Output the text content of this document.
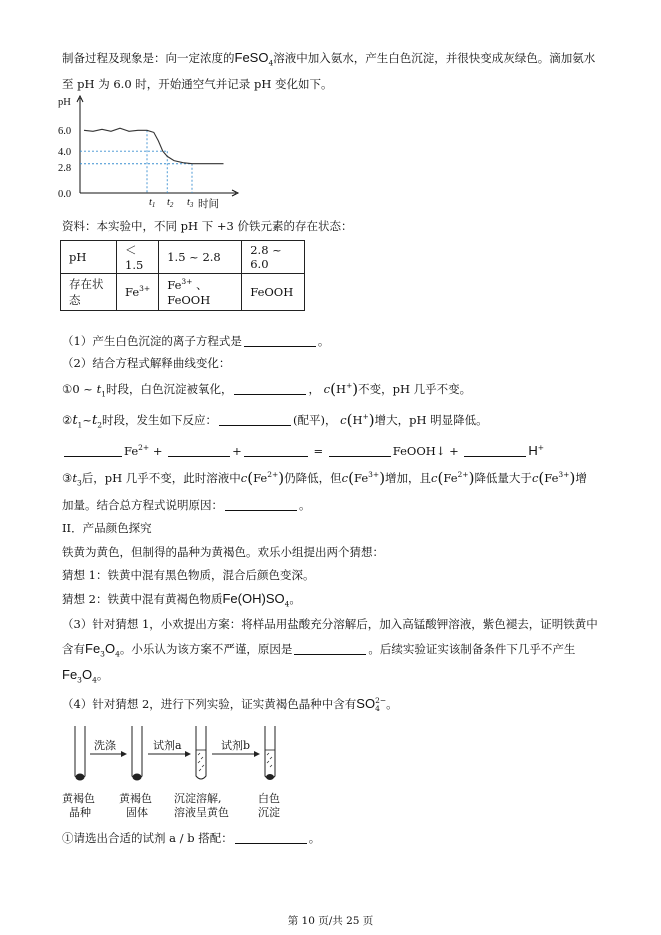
制备过程及现象是：向一定浓度的FeSO$_4$溶液中加入氨水，产生白色沉淀，并很快变成灰绿色。滴加氨水
至 pH 为 6.0 时，开始通空气并记录 pH 变化如下。
pH
6.0
4.0
2.8
0.0
时间
t1 t2 t3
资料：本实验中，不同 pH 下 +3 价铁元素的存在状态：
pH	＜1.5	1.5 ~ 2.8	2.8 ~ 6.0
存在状态	$Fe^{3+}$	$Fe^{3+}$ 、FeOOH	FeOOH
（1）产生白色沉淀的离子方程式是	。
（2）结合方程式解释曲线变化：
①0 ~ $t_1$时段，白色沉淀被氧化，	， c(H+)不变，pH 几乎不变。
$②t_1\sim t_2$时段，发生如下反应：	(配平)， c(H+)增大，pH 明显降低。
$Fe^{2+}$ +	+	=	FeOOH↓ +	H+
$③t_3$后，pH 几乎不变，此时溶液中$c(Fe^{2+})$仍降低，但$c(Fe^{3+})$增加，且$c(Fe^{2+})$降低量大于$c(Fe^{3+})$增
加量。结合总方程式说明原因：	。
II．产品颜色探究
铁黄为黄色，但制得的晶种为黄褐色。欢乐小组提出两个猜想：
猜想 1：铁黄中混有黑色物质，混合后颜色变深。
猜想 2：铁黄中混有黄褐色物质$Fe(OH)SO_4$。
（3）针对猜想 1，小欢提出方案：将样品用盐酸充分溶解后，加入高锰酸钾溶液，紫色褪去，证明铁黄中
含有$Fe_3O_4$。小乐认为该方案不严谨，原因是	。后续实验证实该制备条件下几乎不产生
$Fe_3O_4$。
（4）针对猜想 2，进行下列实验，证实黄褐色晶种中含有SO 2−
4 。
洗涤	试剂a	试剂b
黄褐色
晶种
黄褐色
固体
沉淀溶解,
溶液呈黄色
白色
沉淀
①请选出合适的试剂 a / b 搭配：	。
第 10 页/共 25 页
